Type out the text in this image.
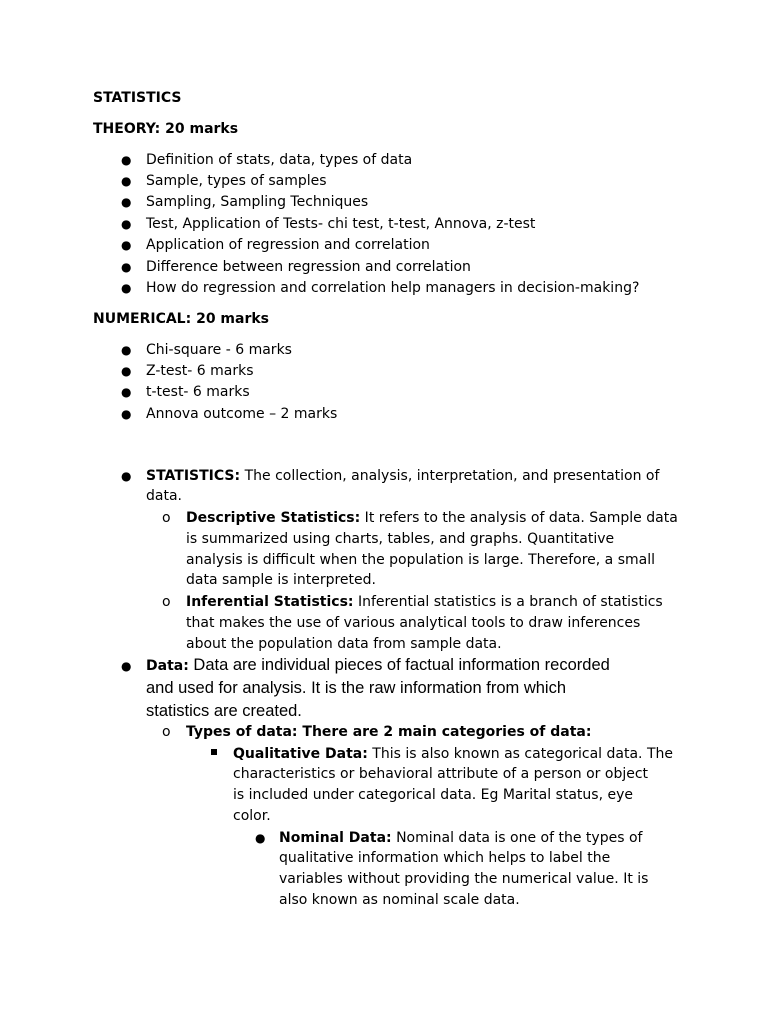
STATISTICS
THEORY: 20 marks
● Definition of stats, data, types of data
● Sample, types of samples
● Sampling, Sampling Techniques
● Test, Application of Tests- chi test, t-test, Annova, z-test
● Application of regression and correlation
● Difference between regression and correlation
● How do regression and correlation help managers in decision-making?
NUMERICAL: 20 marks
● Chi-square - 6 marks
● Z-test- 6 marks
● t-test- 6 marks
● Annova outcome – 2 marks
● STATISTICS: The collection, analysis, interpretation, and presentation of
data.
o Descriptive Statistics: It refers to the analysis of data. Sample data
is summarized using charts, tables, and graphs. Quantitative
analysis is difficult when the population is large. Therefore, a small
data sample is interpreted.
o Inferential Statistics: Inferential statistics is a branch of statistics
that makes the use of various analytical tools to draw inferences
about the population data from sample data.
● Data: Data are individual pieces of factual information recorded
and used for analysis. It is the raw information from which
statistics are created.
o Types of data: There are 2 main categories of data:
Qualitative Data: This is also known as categorical data. The
characteristics or behavioral attribute of a person or object
is included under categorical data. Eg Marital status, eye
color.
● Nominal Data: Nominal data is one of the types of
qualitative information which helps to label the
variables without providing the numerical value. It is
also known as nominal scale data.
